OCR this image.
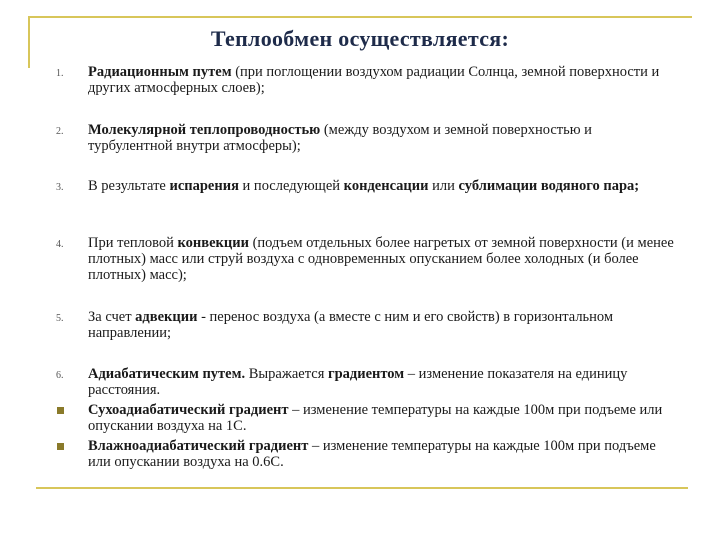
Теплообмен осуществляется:
1. Радиационным путем (при поглощении воздухом радиации Солнца, земной поверхности и других атмосферных слоев);
2. Молекулярной теплопроводностью (между воздухом и земной поверхностью и турбулентной внутри атмосферы);
3. В результате испарения и последующей конденсации или сублимации водяного пара;
4. При тепловой конвекции (подъем отдельных более нагретых от земной поверхности (и менее плотных) масс или струй воздуха с одновременных опусканием более холодных (и более плотных) масс);
5. За счет адвекции - перенос воздуха (а вместе с ним и его свойств) в горизонтальном направлении;
6. Адиабатическим путем. Выражается градиентом – изменение показателя на единицу расстояния.
Сухоадиабатический градиент – изменение температуры на каждые 100м при подъеме или опускании воздуха на 1С.
Влажноадиабатический градиент – изменение температуры на каждые 100м при подъеме или опускании воздуха на 0.6С.
